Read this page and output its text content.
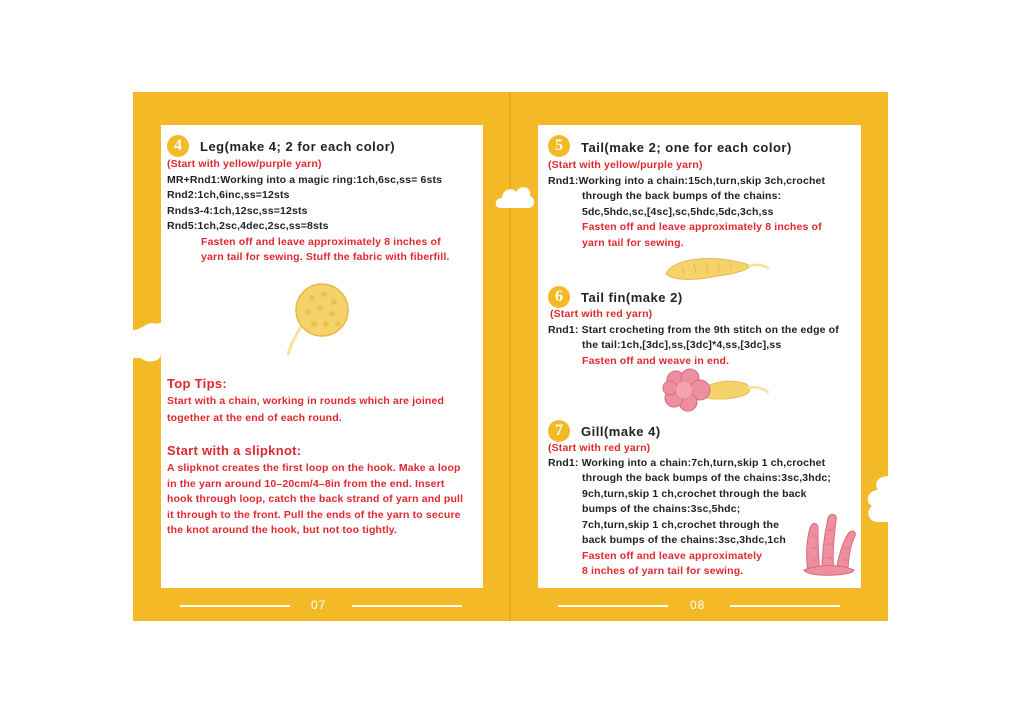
4	Leg(make 4; 2 for each color)
(Start with yellow/purple yarn)
MR+Rnd1:Working into a magic ring:1ch,6sc,ss= 6sts
Rnd2:1ch,6inc,ss=12sts
Rnds3-4:1ch,12sc,ss=12sts
Rnd5:1ch,2sc,4dec,2sc,ss=8sts
Fasten off and leave approximately 8 inches of
yarn tail for sewing. Stuff the fabric with fiberfill.
Top Tips:
Start with a chain, working in rounds which are joined
together at the end of each round.
Start with a slipknot:
A slipknot creates the first loop on the hook. Make a loop
in the yarn around 10–20cm/4–8in from the end. Insert
hook through loop, catch the back strand of yarn and pull
it through to the front. Pull the ends of the yarn to secure
the knot around the hook, but not too tightly.
07
5	Tail(make 2; one for each color)
(Start with yellow/purple yarn)
Rnd1:Working into a chain:15ch,turn,skip 3ch,crochet
through the back bumps of the chains:
5dc,5hdc,sc,[4sc],sc,5hdc,5dc,3ch,ss
Fasten off and leave approximately 8 inches of
yarn tail for sewing.
6	Tail fin(make 2)
(Start with red yarn)
Rnd1: Start crocheting from the 9th stitch on the edge of
the tail:1ch,[3dc],ss,[3dc]*4,ss,[3dc],ss
Fasten off and weave in end.
7	Gill(make 4)
(Start with red yarn)
Rnd1: Working into a chain:7ch,turn,skip 1 ch,crochet
through the back bumps of the chains:3sc,3hdc;
9ch,turn,skip 1 ch,crochet through the back
bumps of the chains:3sc,5hdc;
7ch,turn,skip 1 ch,crochet through the
back bumps of the chains:3sc,3hdc,1ch
Fasten off and leave approximately
8 inches of yarn tail for sewing.
08
